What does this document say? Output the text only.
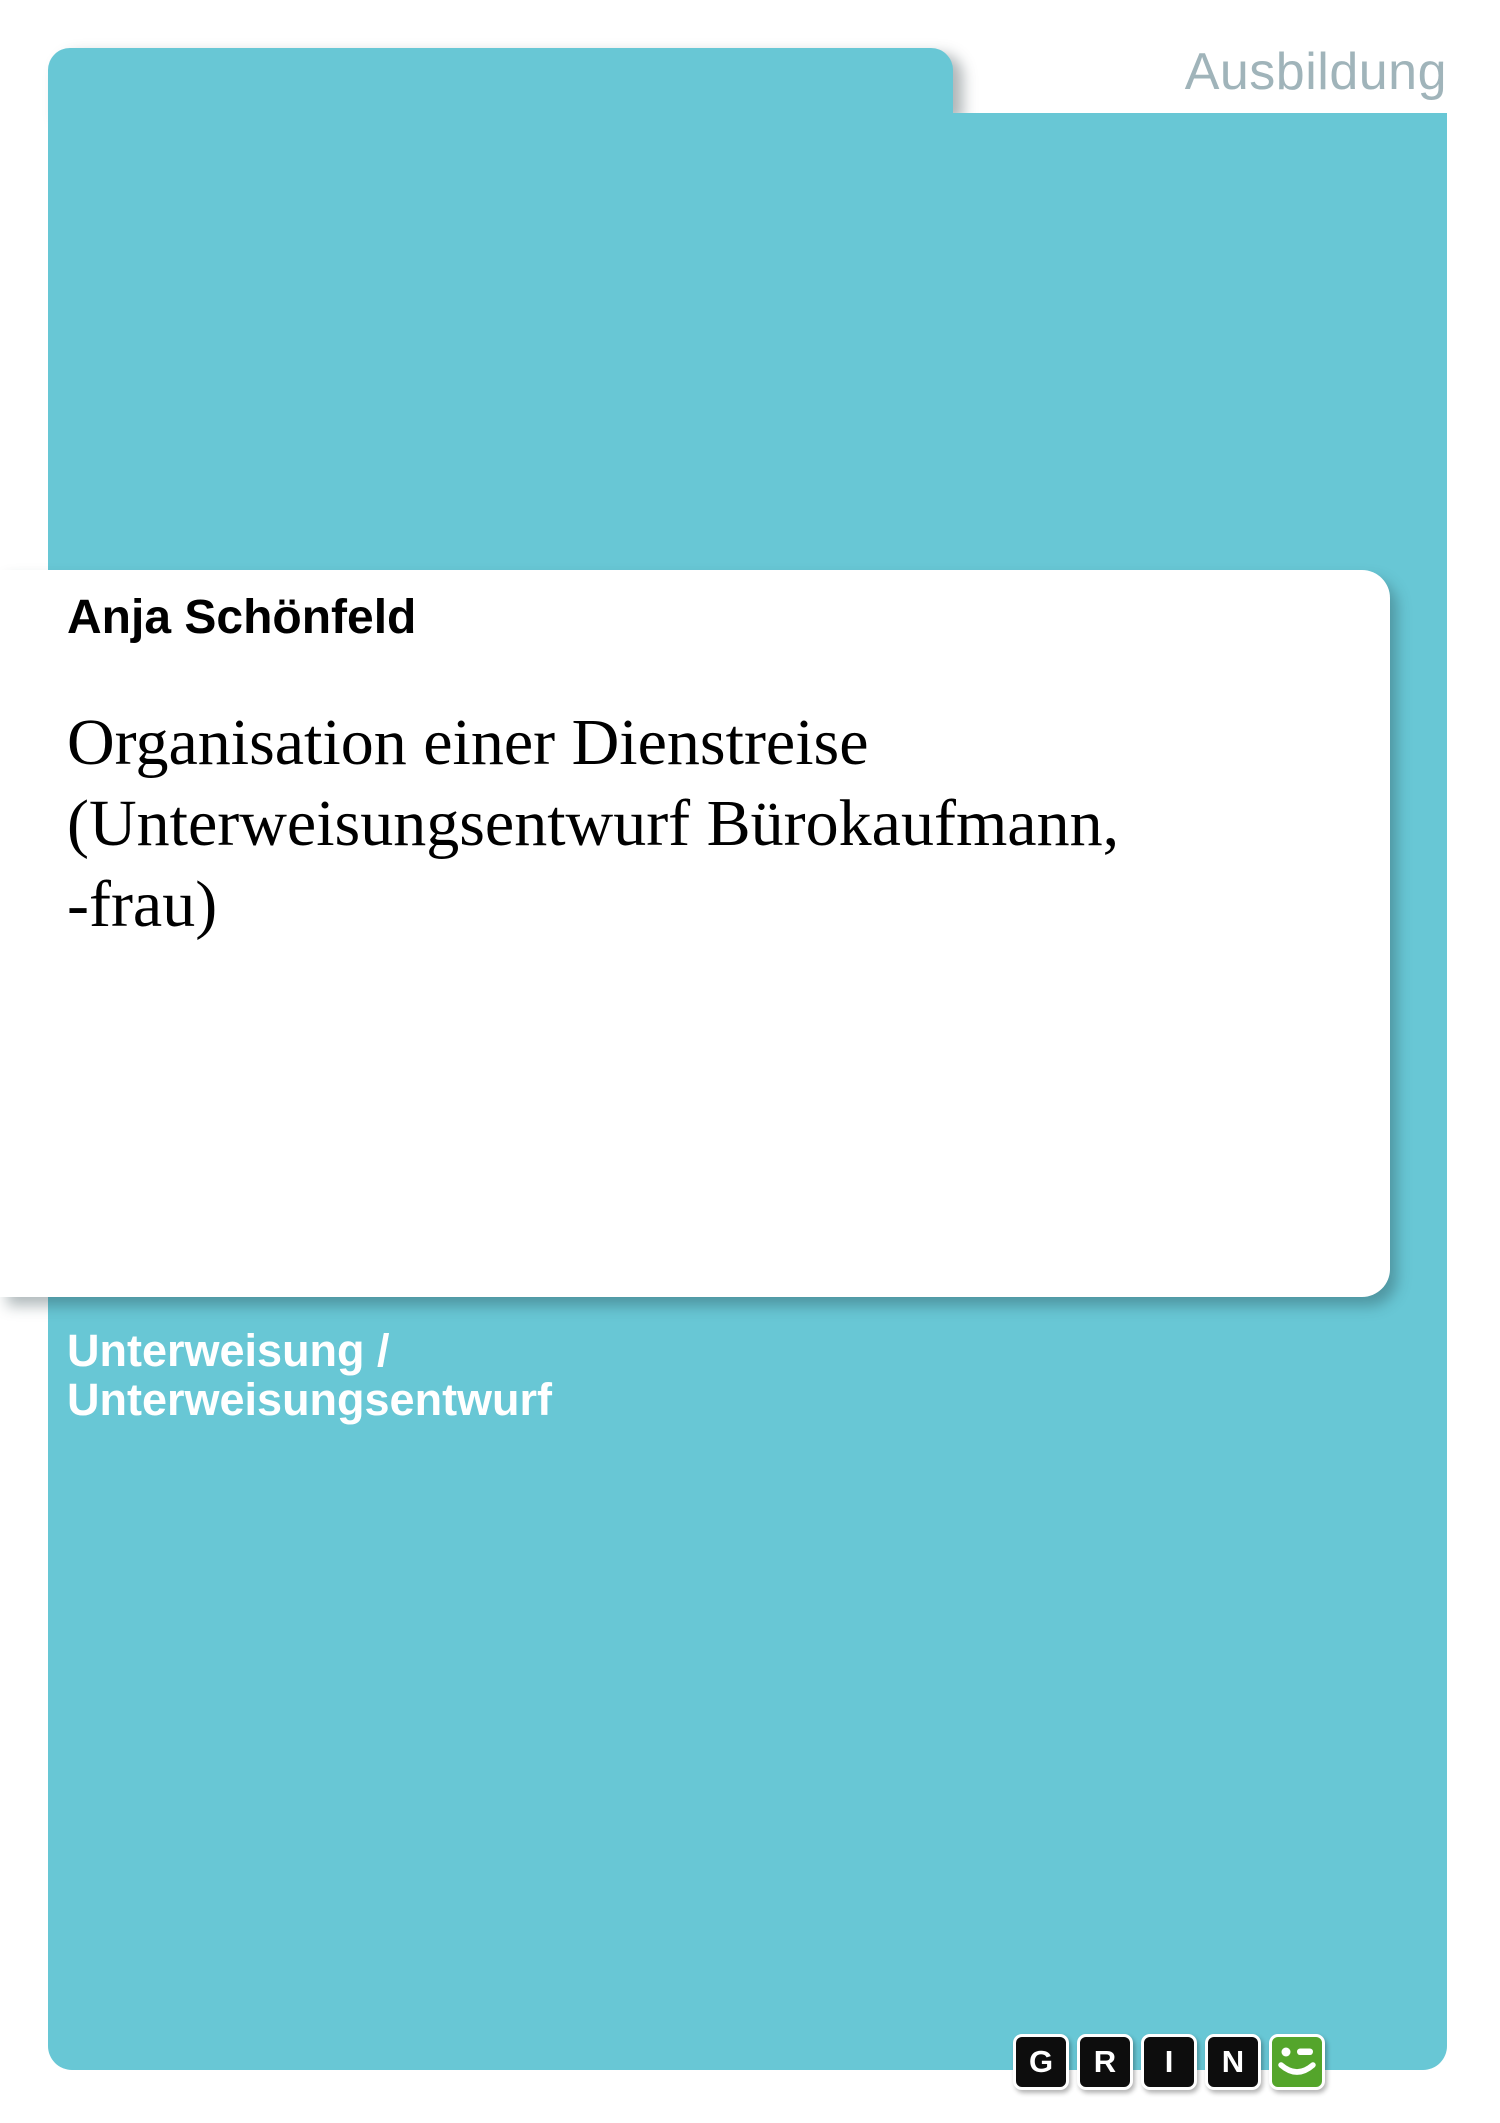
Ausbildung
Anja Schönfeld
Organisation einer Dienstreise
(Unterweisungsentwurf Bürokaufmann,
-frau)
Unterweisung /
Unterweisungsentwurf
G	R	I	N
